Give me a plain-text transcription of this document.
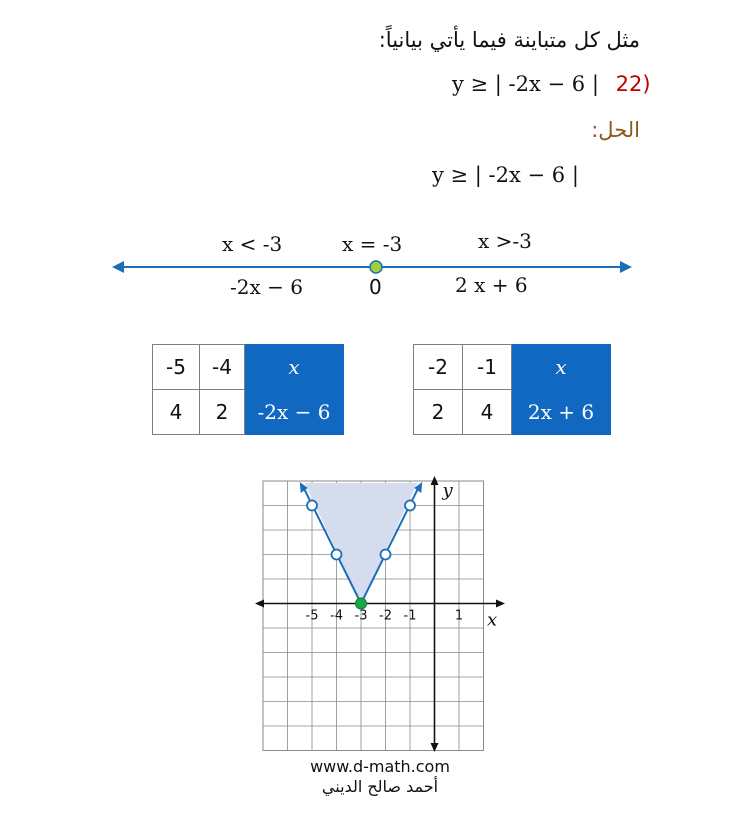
مثل كل متباينة فيما يأتي بيانياً:
y ≥ | -2x − 6 | 22)
الحل:
y ≥ | -2x − 6 |
x < -3	x = -3	x >-3
-2x − 6	0	2 x + 6
-5	-4	x
4	2	-2x − 6
-2	-1	x
2	4	2x + 6
-5 -4 -3 -2 -1	1 x
y
www.d-math.com
أحمد صالح الديني
